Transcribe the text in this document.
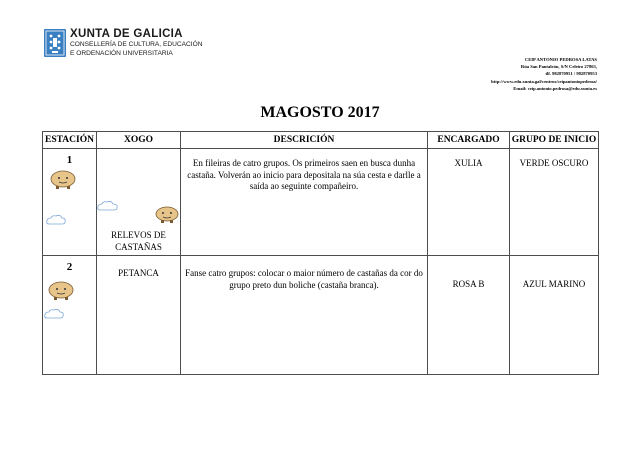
XUNTA DE GALICIA
CONSELLERÍA DE CULTURA, EDUCACIÓN
E ORDENACIÓN UNIVERSITARIA
CEIP ANTONIO PEDROSA LATAS
Rúa San Pantaleón, S/N Celeiro 27863,
tlf. 982870951 / 982870953
http://www.edu.xunta.gal/centros/ceipantoniopedrosa/
Email: ceip.antonio.pedrosa@edu.xunta.es
MAGOSTO 2017
ESTACIÓN	XOGO	DESCRICIÓN	ENCARGADO	GRUPO DE INICIO

1	RELEVOS DE CASTAÑAS	En fileiras de catro grupos. Os primeiros saen en busca dunha castaña. Volverán ao inicio para depositala na súa cesta e darlle a saída ao seguinte compañeiro.	XULIA	VERDE OSCURO

2	PETANCA	Fanse catro grupos: colocar o maior número de castañas da cor do grupo preto dun boliche (castaña branca).	ROSA B	AZUL MARINO
